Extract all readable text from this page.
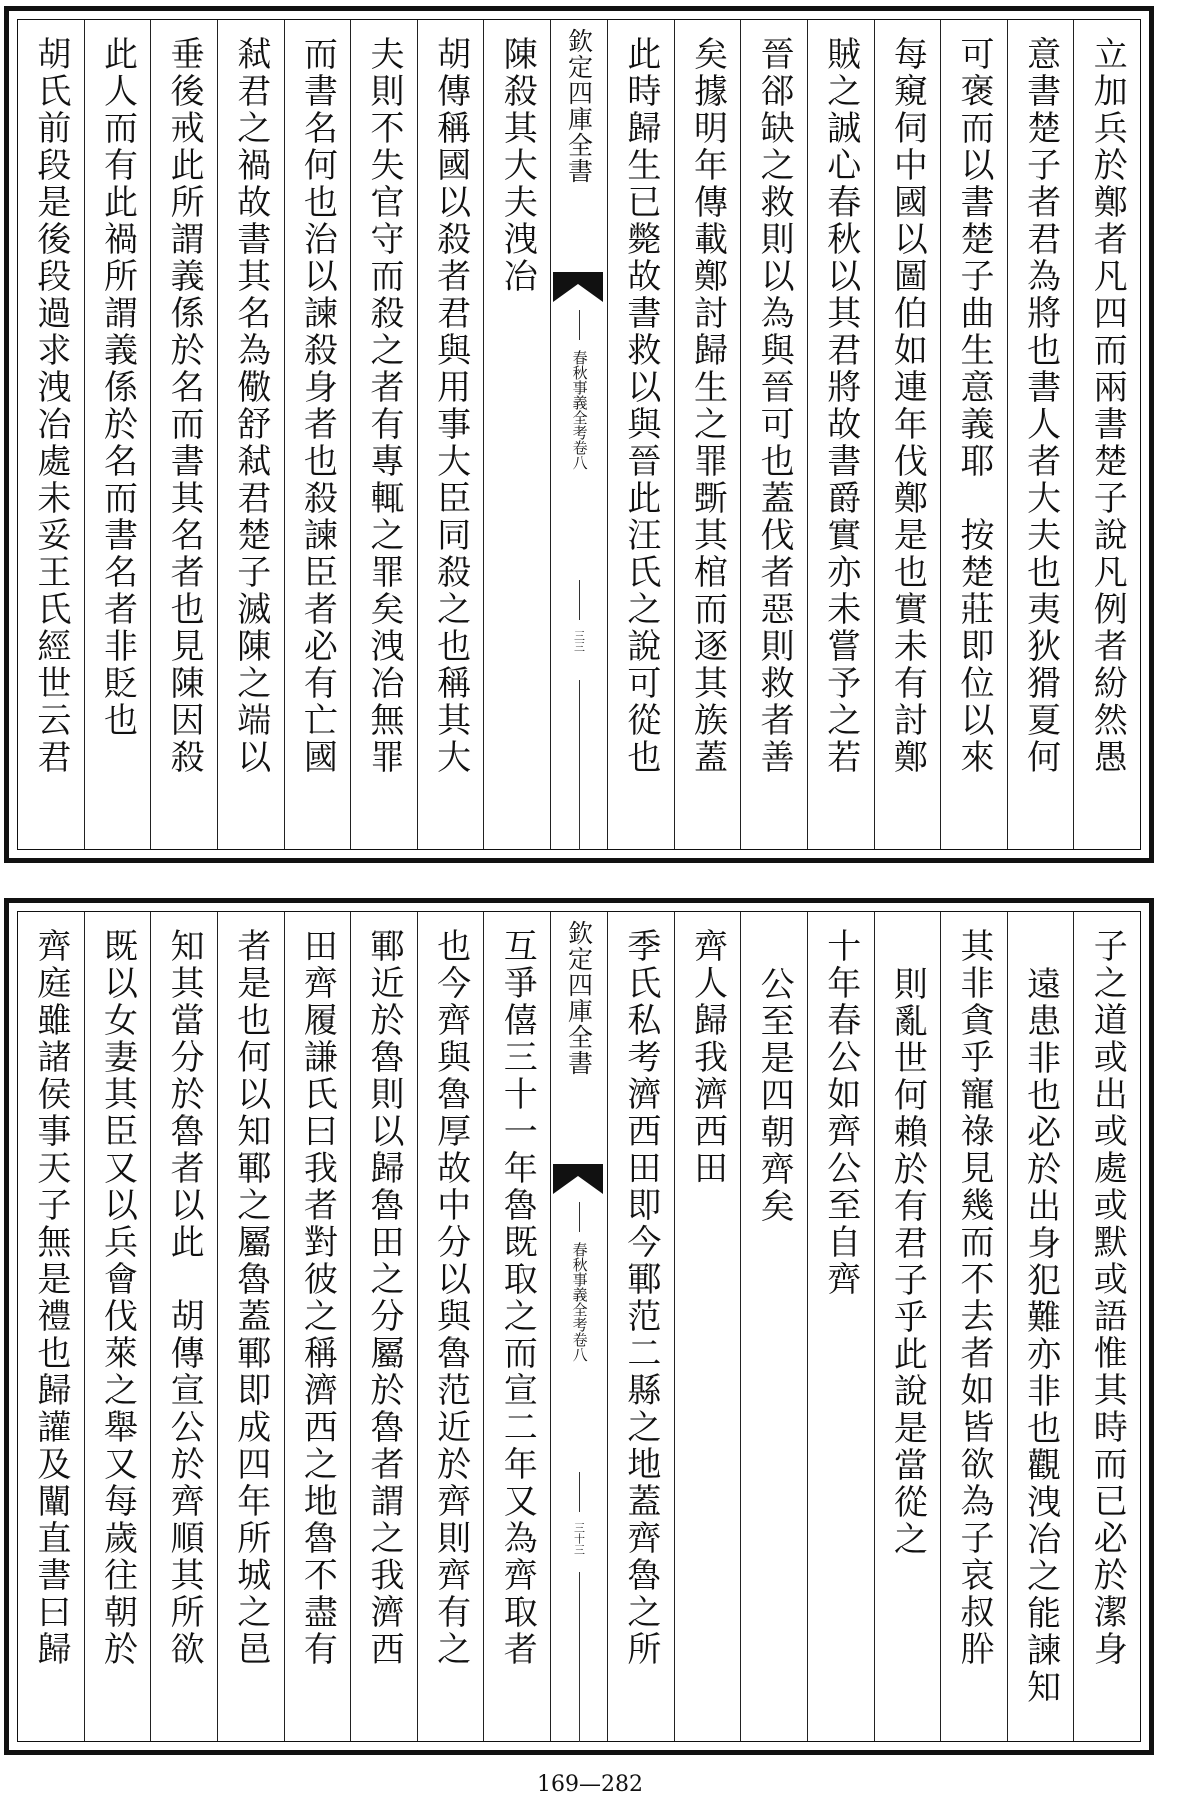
立加兵於鄭者凡四而兩書楚子說凡例者紛然愚
意書楚子者君為將也書人者大夫也夷狄猾夏何
可褒而以書楚子曲生意義耶　按楚莊即位以來
每窺伺中國以圖伯如連年伐鄭是也實未有討鄭
賊之誠心春秋以其君將故書爵實亦未嘗予之若
晉郤缺之救則以為與晉可也蓋伐者惡則救者善
矣據明年傳載鄭討歸生之罪斲其棺而逐其族蓋
此時歸生已斃故書救以與晉此汪氏之說可從也
欽定四庫全書
春秋事義全考
卷八
三三
陳殺其大夫洩冶
胡傳稱國以殺者君與用事大臣同殺之也稱其大
夫則不失官守而殺之者有專輒之罪矣洩冶無罪
而書名何也治以諫殺身者也殺諫臣者必有亡國
弒君之禍故書其名為儆舒弒君楚子滅陳之端以
垂後戒此所謂義係於名而書其名者也見陳因殺
此人而有此禍所謂義係於名而書名者非貶也
胡氏前段是後段過求洩冶處未妥王氏經世云君
子之道或出或處或默或語惟其時而已必於潔身
遠患非也必於出身犯難亦非也觀洩冶之能諫知
其非貪乎寵祿見幾而不去者如皆欲為子哀叔肸
則亂世何賴於有君子乎此說是當從之
十年春公如齊公至自齊
公至是四朝齊矣
齊人歸我濟西田
季氏私考濟西田即今鄆范二縣之地蓋齊魯之所
欽定四庫全書
春秋事義全考
卷八
三十三
互爭僖三十一年魯既取之而宣二年又為齊取者
也今齊與魯厚故中分以與魯范近於齊則齊有之
鄆近於魯則以歸魯田之分屬於魯者謂之我濟西
田齊履謙氏曰我者對彼之稱濟西之地魯不盡有
者是也何以知鄆之屬魯蓋鄆即成四年所城之邑
知其當分於魯者以此　胡傳宣公於齊順其所欲
既以女妻其臣又以兵會伐萊之舉又每歲往朝於
齊庭雖諸侯事天子無是禮也歸讙及闡直書曰歸
169—282
